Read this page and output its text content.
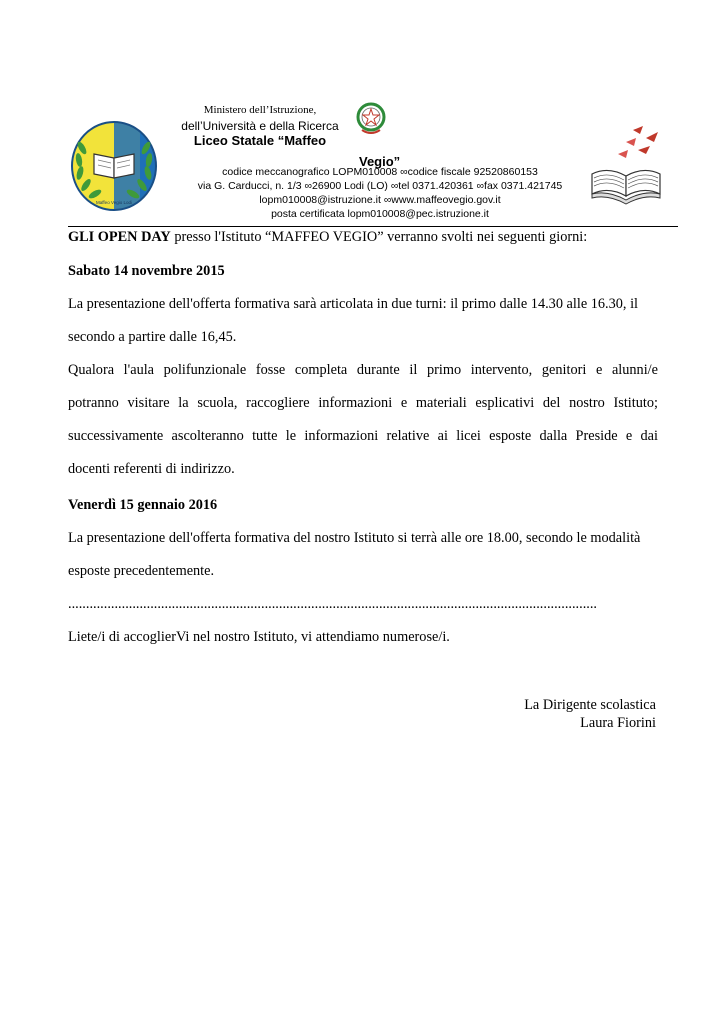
Maffeo Vegio Lodi
Ministero dell’Istruzione,
dell’Università e della Ricerca
Liceo Statale “Maffeo
Vegio”
codice meccanografico LOPM010008 ∞codice fiscale 92520860153
via G. Carducci, n. 1/3 ∞26900 Lodi (LO) ∞tel 0371.420361 ∞fax 0371.421745
lopm010008@istruzione.it ∞www.maffeovegio.gov.it
posta certificata lopm010008@pec.istruzione.it
GLI OPEN DAY presso l'Istituto “MAFFEO VEGIO” verranno svolti nei seguenti giorni:
Sabato 14 novembre 2015
La presentazione dell'offerta formativa sarà articolata in due turni: il primo dalle 14.30 alle 16.30, il
secondo a partire dalle 16,45.
Qualora l'aula polifunzionale fosse completa durante il primo intervento, genitori e alunni/e
potranno visitare la scuola, raccogliere informazioni e materiali esplicativi del nostro Istituto;
successivamente ascolteranno tutte le informazioni relative ai licei esposte dalla Preside e dai
docenti referenti di indirizzo.
Venerdì 15 gennaio 2016
La presentazione dell'offerta formativa del nostro Istituto si terrà alle ore 18.00, secondo le modalità
esposte precedentemente.
....................................................................................................................................................
Liete/i di accoglierVi nel nostro Istituto, vi attendiamo numerose/i.
La Dirigente scolastica
Laura Fiorini
